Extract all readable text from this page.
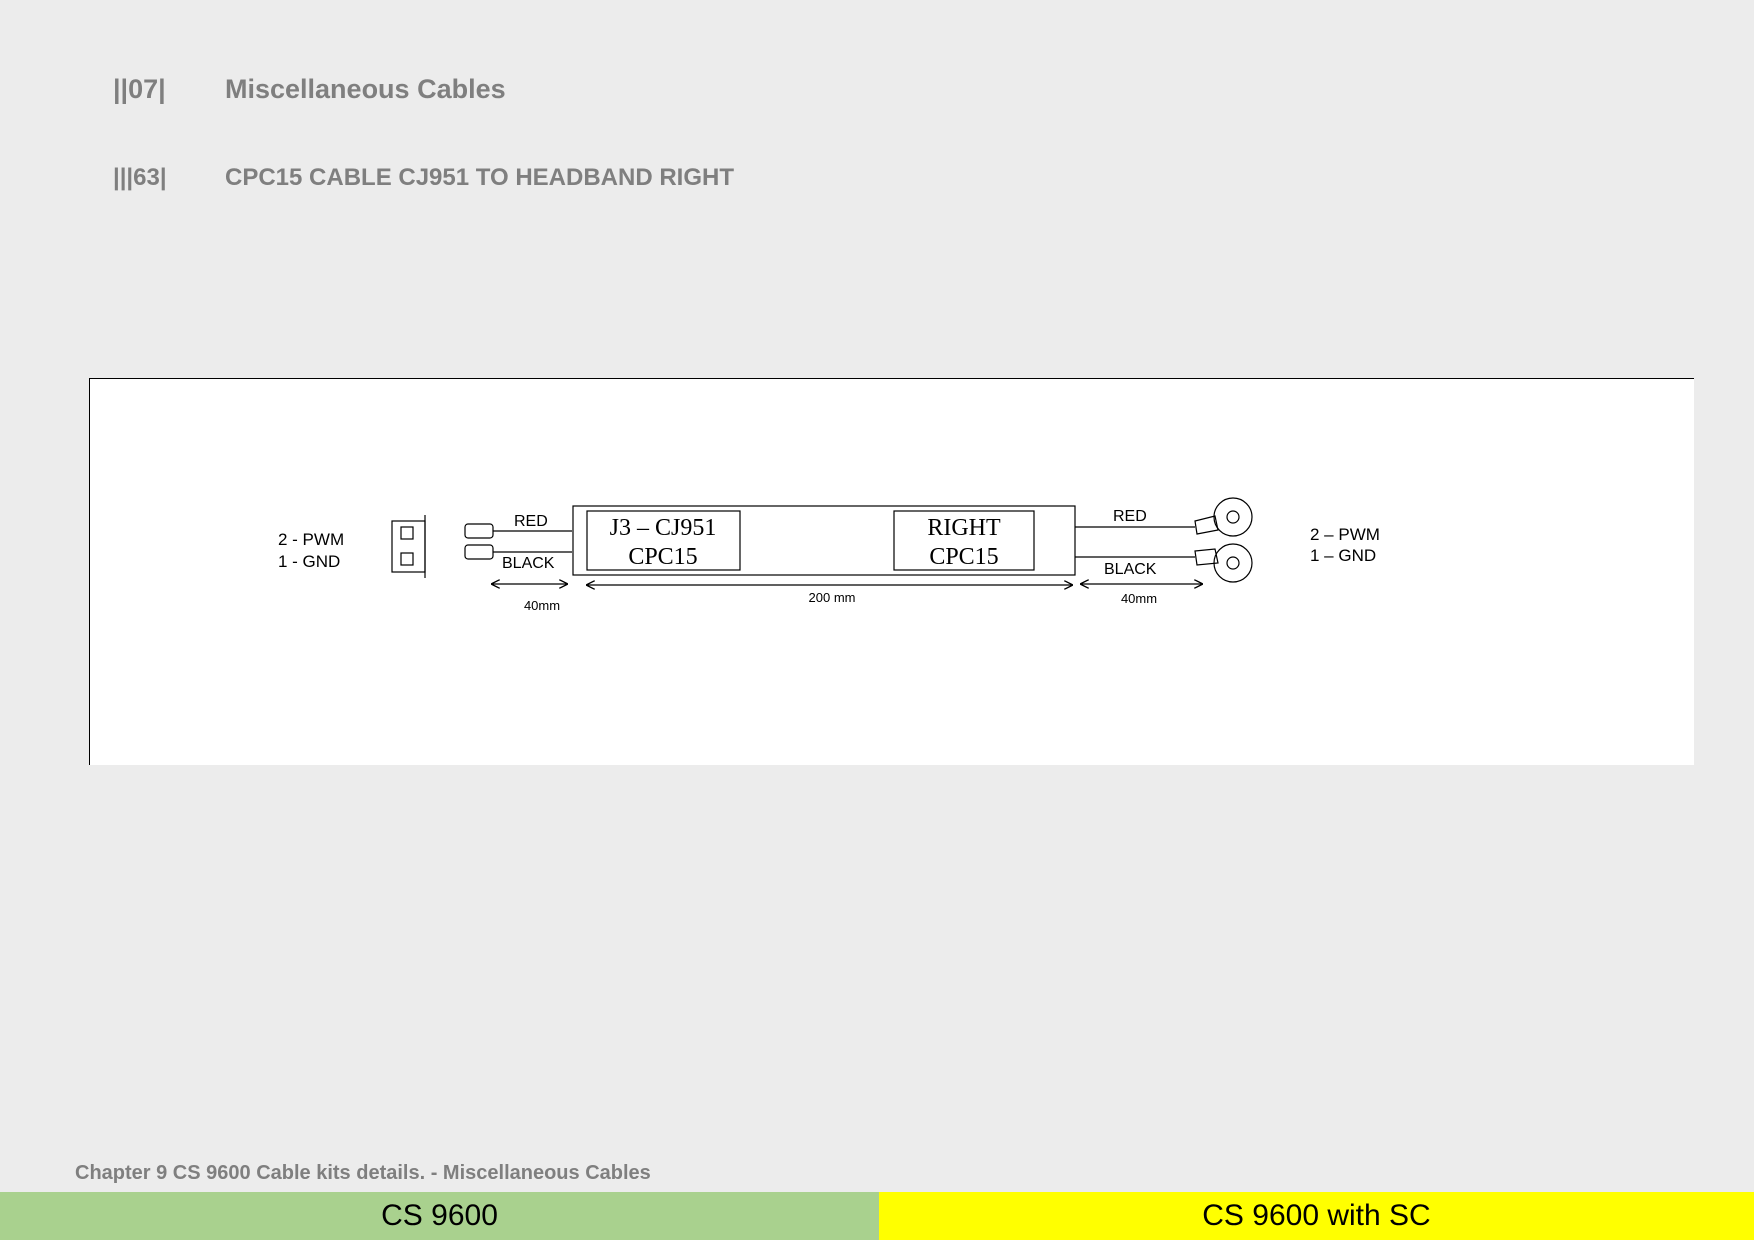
||07| Miscellaneous Cables
|||63| CPC15 CABLE CJ951 TO HEADBAND RIGHT
2 - PWM
1 - GND
RED
BLACK
J3 – CJ951
CPC15
RIGHT
CPC15
RED
BLACK
2 – PWM
1 – GND
40mm
200 mm	40mm
Chapter 9 CS 9600 Cable kits details. - Miscellaneous Cables
CS 9600	CS 9600 with SC
